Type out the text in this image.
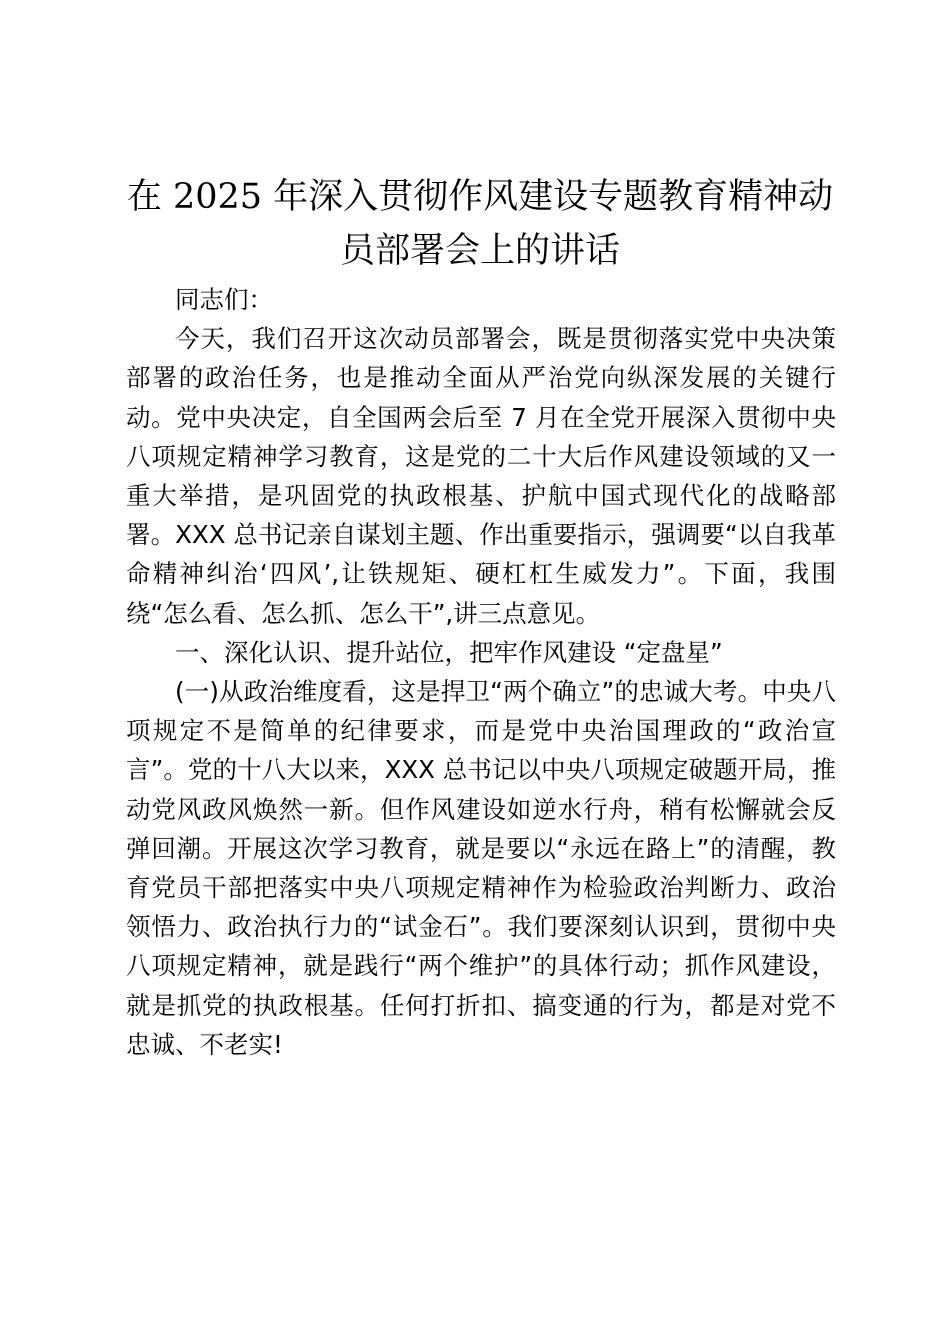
在 2025 年深入贯彻作风建设专题教育精神动
员部署会上的讲话

同志们：

今天，我们召开这次动员部署会，既是贯彻落实党中央决策部署的政治任务，也是推动全面从严治党向纵深发展的关键行动。党中央决定，自全国两会后至 7 月在全党开展深入贯彻中央八项规定精神学习教育，这是党的二十大后作风建设领域的又一重大举措，是巩固党的执政根基、护航中国式现代化的战略部署。XXX 总书记亲自谋划主题、作出重要指示，强调要“以自我革命精神纠治‘四风’,让铁规矩、硬杠杠生威发力”。下面，我围绕“怎么看、怎么抓、怎么干”,讲三点意见。

一、深化认识、提升站位，把牢作风建设 “定盘星”

(一)从政治维度看，这是捍卫“两个确立”的忠诚大考。中央八项规定不是简单的纪律要求，而是党中央治国理政的“政治宣言”。党的十八大以来，XXX 总书记以中央八项规定破题开局，推动党风政风焕然一新。但作风建设如逆水行舟，稍有松懈就会反弹回潮。开展这次学习教育，就是要以“永远在路上”的清醒，教育党员干部把落实中央八项规定精神作为检验政治判断力、政治领悟力、政治执行力的“试金石”。我们要深刻认识到，贯彻中央八项规定精神，就是践行“两个维护”的具体行动；抓作风建设，就是抓党的执政根基。任何打折扣、搞变通的行为，都是对党不忠诚、不老实!
